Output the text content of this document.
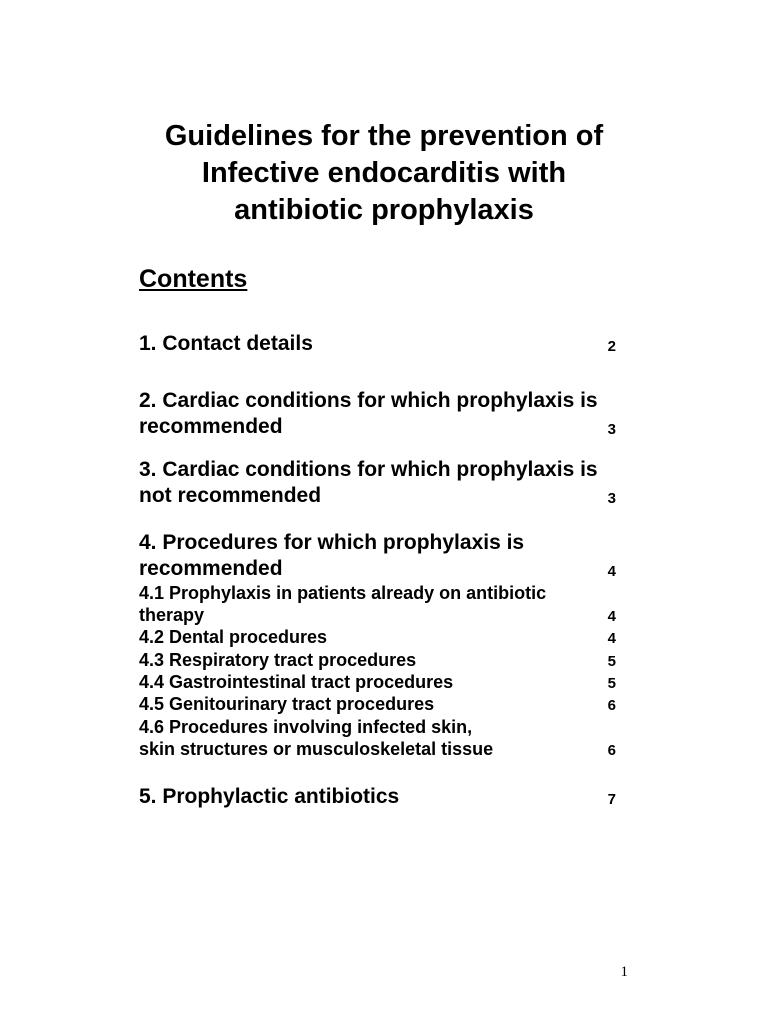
Guidelines for the prevention of
Infective endocarditis with
antibiotic prophylaxis
Contents
1. Contact details	2
2. Cardiac conditions for which prophylaxis is
recommended	3
3. Cardiac conditions for which prophylaxis is
not recommended	3
4. Procedures for which prophylaxis is
recommended	4
4.1 Prophylaxis in patients already on antibiotic
therapy	4
4.2 Dental procedures	4
4.3 Respiratory tract procedures	5
4.4 Gastrointestinal tract procedures	5
4.5 Genitourinary tract procedures	6
4.6 Procedures involving infected skin,
skin structures or musculoskeletal tissue	6
5. Prophylactic antibiotics	7
1
